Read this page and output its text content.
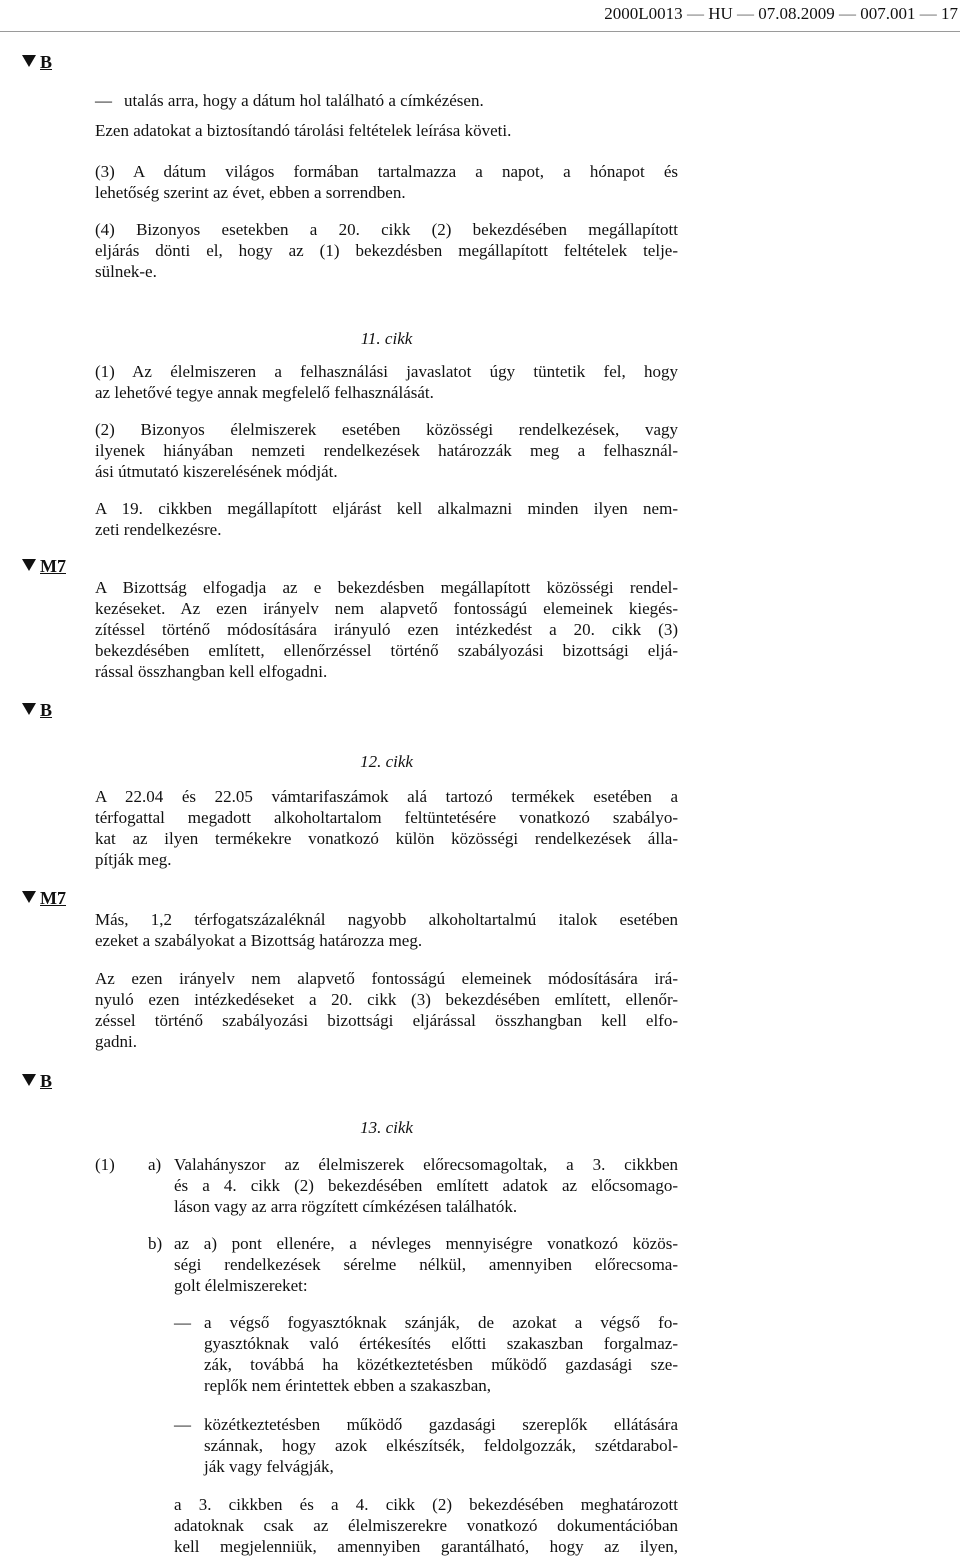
2000L0013 — HU — 07.08.2009 — 007.001 — 17
B
M7
B
M7
B
— utalás arra, hogy a dátum hol található a címkézésen.
Ezen adatokat a biztosítandó tárolási feltételek leírása követi.
(3) A dátum világos formában tartalmazza a napot, a hónapot és
lehetőség szerint az évet, ebben a sorrendben.
(4) Bizonyos esetekben a 20. cikk (2) bekezdésében megállapított
eljárás dönti el, hogy az (1) bekezdésben megállapított feltételek telje-
sülnek-e.
11. cikk
(1) Az élelmiszeren a felhasználási javaslatot úgy tüntetik fel, hogy
az lehetővé tegye annak megfelelő felhasználását.
(2) Bizonyos élelmiszerek esetében közösségi rendelkezések, vagy
ilyenek hiányában nemzeti rendelkezések határozzák meg a felhasznál-
ási útmutató kiszerelésének módját.
A 19. cikkben megállapított eljárást kell alkalmazni minden ilyen nem-
zeti rendelkezésre.
A Bizottság elfogadja az e bekezdésben megállapított közösségi rendel-
kezéseket. Az ezen irányelv nem alapvető fontosságú elemeinek kiegés-
zítéssel történő módosítására irányuló ezen intézkedést a 20. cikk (3)
bekezdésében említett, ellenőrzéssel történő szabályozási bizottsági eljá-
rással összhangban kell elfogadni.
12. cikk
A 22.04 és 22.05 vámtarifaszámok alá tartozó termékek esetében a
térfogattal megadott alkoholtartalom feltüntetésére vonatkozó szabályo-
kat az ilyen termékekre vonatkozó külön közösségi rendelkezések álla-
pítják meg.
Más, 1,2 térfogatszázaléknál nagyobb alkoholtartalmú italok esetében
ezeket a szabályokat a Bizottság határozza meg.
Az ezen irányelv nem alapvető fontosságú elemeinek módosítására irá-
nyuló ezen intézkedéseket a 20. cikk (3) bekezdésében említett, ellenőr-
zéssel történő szabályozási bizottsági eljárással összhangban kell elfo-
gadni.
13. cikk
(1) a) Valahányszor az élelmiszerek előrecsomagoltak, a 3. cikkben
és a 4. cikk (2) bekezdésében említett adatok az előcsomago-
láson vagy az arra rögzített címkézésen találhatók.
b) az a) pont ellenére, a névleges mennyiségre vonatkozó közös-
ségi rendelkezések sérelme nélkül, amennyiben előrecsoma-
golt élelmiszereket:
— a végső fogyasztóknak szánják, de azokat a végső fo-
gyasztóknak való értékesítés előtti szakaszban forgalmaz-
zák, továbbá ha közétkeztetésben működő gazdasági sze-
replők nem érintettek ebben a szakaszban,
— közétkeztetésben működő gazdasági szereplők ellátására
szánnak, hogy azok elkészítsék, feldolgozzák, szétdarabol-
ják vagy felvágják,
a 3. cikkben és a 4. cikk (2) bekezdésében meghatározott
adatoknak csak az élelmiszerekre vonatkozó dokumentációban
kell megjelenniük, amennyiben garantálható, hogy az ilyen,
